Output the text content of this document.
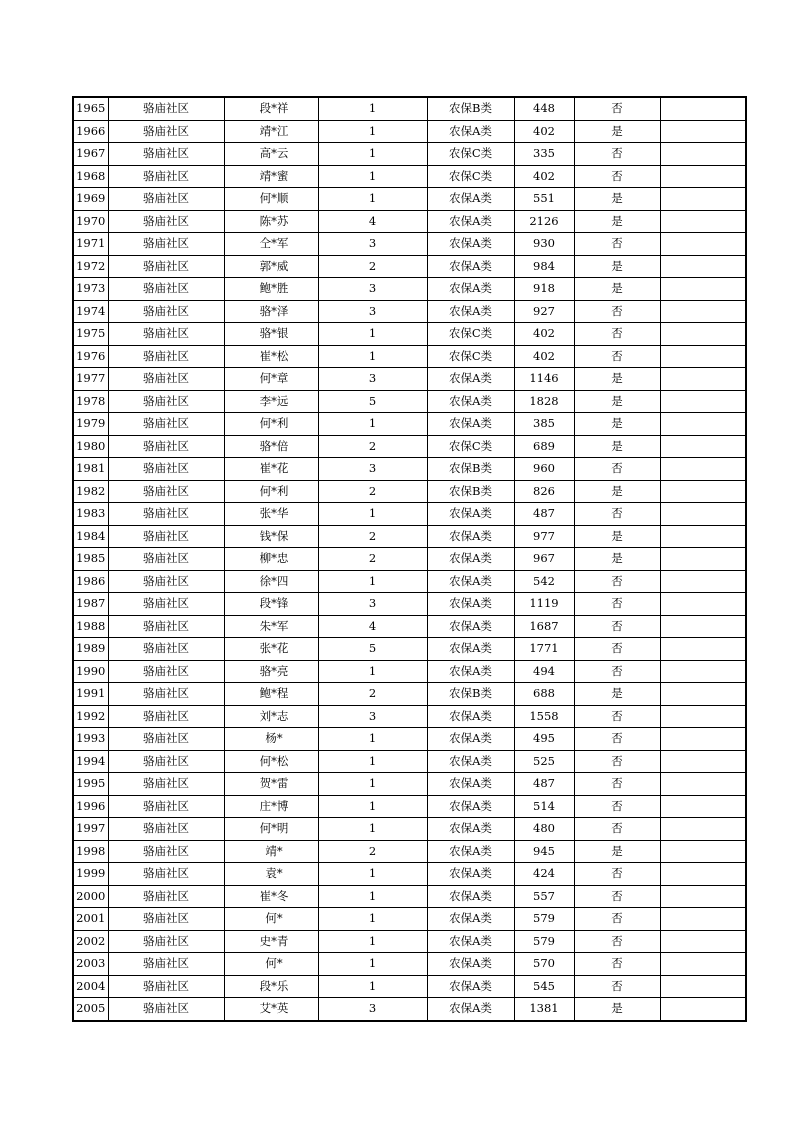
1965	骆庙社区	段*祥	1	农保B类	448	否	
1966	骆庙社区	靖*江	1	农保A类	402	是	
1967	骆庙社区	高*云	1	农保C类	335	否	
1968	骆庙社区	靖*蜜	1	农保C类	402	否	
1969	骆庙社区	何*顺	1	农保A类	551	是	
1970	骆庙社区	陈*苏	4	农保A类	2126	是	
1971	骆庙社区	仝*军	3	农保A类	930	否	
1972	骆庙社区	郭*威	2	农保A类	984	是	
1973	骆庙社区	鲍*胜	3	农保A类	918	是	
1974	骆庙社区	骆*泽	3	农保A类	927	否	
1975	骆庙社区	骆*银	1	农保C类	402	否	
1976	骆庙社区	崔*松	1	农保C类	402	否	
1977	骆庙社区	何*章	3	农保A类	1146	是	
1978	骆庙社区	李*远	5	农保A类	1828	是	
1979	骆庙社区	何*利	1	农保A类	385	是	
1980	骆庙社区	骆*倍	2	农保C类	689	是	
1981	骆庙社区	崔*花	3	农保B类	960	否	
1982	骆庙社区	何*利	2	农保B类	826	是	
1983	骆庙社区	张*华	1	农保A类	487	否	
1984	骆庙社区	钱*保	2	农保A类	977	是	
1985	骆庙社区	柳*忠	2	农保A类	967	是	
1986	骆庙社区	徐*四	1	农保A类	542	否	
1987	骆庙社区	段*锋	3	农保A类	1119	否	
1988	骆庙社区	朱*军	4	农保A类	1687	否	
1989	骆庙社区	张*花	5	农保A类	1771	否	
1990	骆庙社区	骆*亮	1	农保A类	494	否	
1991	骆庙社区	鲍*程	2	农保B类	688	是	
1992	骆庙社区	刘*志	3	农保A类	1558	否	
1993	骆庙社区	杨*	1	农保A类	495	否	
1994	骆庙社区	何*松	1	农保A类	525	否	
1995	骆庙社区	贺*雷	1	农保A类	487	否	
1996	骆庙社区	庄*博	1	农保A类	514	否	
1997	骆庙社区	何*明	1	农保A类	480	否	
1998	骆庙社区	靖*	2	农保A类	945	是	
1999	骆庙社区	袁*	1	农保A类	424	否	
2000	骆庙社区	崔*冬	1	农保A类	557	否	
2001	骆庙社区	何*	1	农保A类	579	否	
2002	骆庙社区	史*青	1	农保A类	579	否	
2003	骆庙社区	何*	1	农保A类	570	否	
2004	骆庙社区	段*乐	1	农保A类	545	否	
2005	骆庙社区	艾*英	3	农保A类	1381	是	
